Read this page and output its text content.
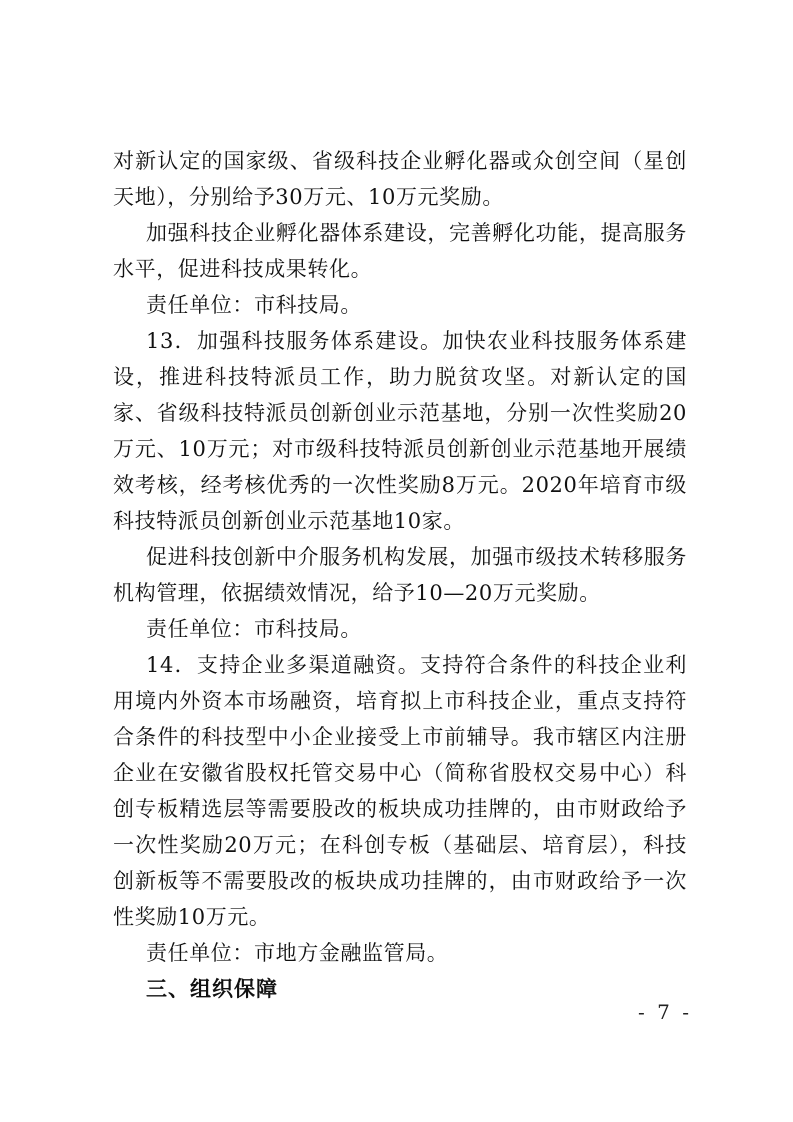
对新认定的国家级、省级科技企业孵化器或众创空间（星创天地），分别给予30万元、10万元奖励。

加强科技企业孵化器体系建设，完善孵化功能，提高服务水平，促进科技成果转化。

责任单位：市科技局。

13．加强科技服务体系建设。加快农业科技服务体系建设，推进科技特派员工作，助力脱贫攻坚。对新认定的国家、省级科技特派员创新创业示范基地，分别一次性奖励20万元、10万元；对市级科技特派员创新创业示范基地开展绩效考核，经考核优秀的一次性奖励8万元。2020年培育市级科技特派员创新创业示范基地10家。

促进科技创新中介服务机构发展，加强市级技术转移服务机构管理，依据绩效情况，给予10—20万元奖励。

责任单位：市科技局。

14．支持企业多渠道融资。支持符合条件的科技企业利用境内外资本市场融资，培育拟上市科技企业，重点支持符合条件的科技型中小企业接受上市前辅导。我市辖区内注册企业在安徽省股权托管交易中心（简称省股权交易中心）科创专板精选层等需要股改的板块成功挂牌的，由市财政给予一次性奖励20万元；在科创专板（基础层、培育层），科技创新板等不需要股改的板块成功挂牌的，由市财政给予一次性奖励10万元。

责任单位：市地方金融监管局。

三、组织保障

- 7 -
